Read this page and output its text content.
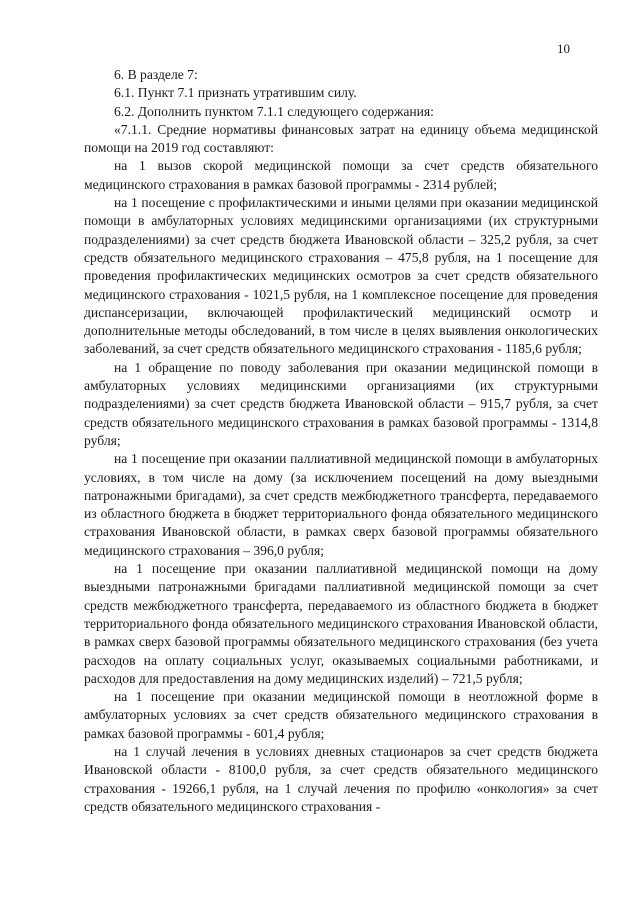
10

6. В разделе 7:

6.1. Пункт 7.1 признать утратившим силу.

6.2. Дополнить пунктом 7.1.1 следующего содержания:

«7.1.1. Средние нормативы финансовых затрат на единицу объема медицинской помощи на 2019 год составляют:

на 1 вызов скорой медицинской помощи за счет средств обязательного медицинского страхования в рамках базовой программы - 2314 рублей;

на 1 посещение с профилактическими и иными целями при оказании медицинской помощи в амбулаторных условиях медицинскими организациями (их структурными подразделениями) за счет средств бюджета Ивановской области – 325,2 рубля, за счет средств обязательного медицинского страхования – 475,8 рубля, на 1 посещение для проведения профилактических медицинских осмотров за счет средств обязательного медицинского страхования - 1021,5 рубля, на 1 комплексное посещение для проведения диспансеризации, включающей профилактический медицинский осмотр и дополнительные методы обследований, в том числе в целях выявления онкологических заболеваний, за счет средств обязательного медицинского страхования - 1185,6 рубля;

на 1 обращение по поводу заболевания при оказании медицинской помощи в амбулаторных условиях медицинскими организациями (их структурными подразделениями) за счет средств бюджета Ивановской области – 915,7 рубля, за счет средств обязательного медицинского страхования в рамках базовой программы - 1314,8 рубля;

на 1 посещение при оказании паллиативной медицинской помощи в амбулаторных условиях, в том числе на дому (за исключением посещений на дому выездными патронажными бригадами), за счет средств межбюджетного трансферта, передаваемого из областного бюджета в бюджет территориального фонда обязательного медицинского страхования Ивановской области, в рамках сверх базовой программы обязательного медицинского страхования – 396,0 рубля;

на 1 посещение при оказании паллиативной медицинской помощи на дому выездными патронажными бригадами паллиативной медицинской помощи за счет средств межбюджетного трансферта, передаваемого из областного бюджета в бюджет территориального фонда обязательного медицинского страхования Ивановской области, в рамках сверх базовой программы обязательного медицинского страхования (без учета расходов на оплату социальных услуг, оказываемых социальными работниками, и расходов для предоставления на дому медицинских изделий) – 721,5 рубля;

на 1 посещение при оказании медицинской помощи в неотложной форме в амбулаторных условиях за счет средств обязательного медицинского страхования в рамках базовой программы - 601,4 рубля;

на 1 случай лечения в условиях дневных стационаров за счет средств бюджета Ивановской области - 8100,0 рубля, за счет средств обязательного медицинского страхования - 19266,1 рубля, на 1 случай лечения по профилю «онкология» за счет средств обязательного медицинского страхования -
